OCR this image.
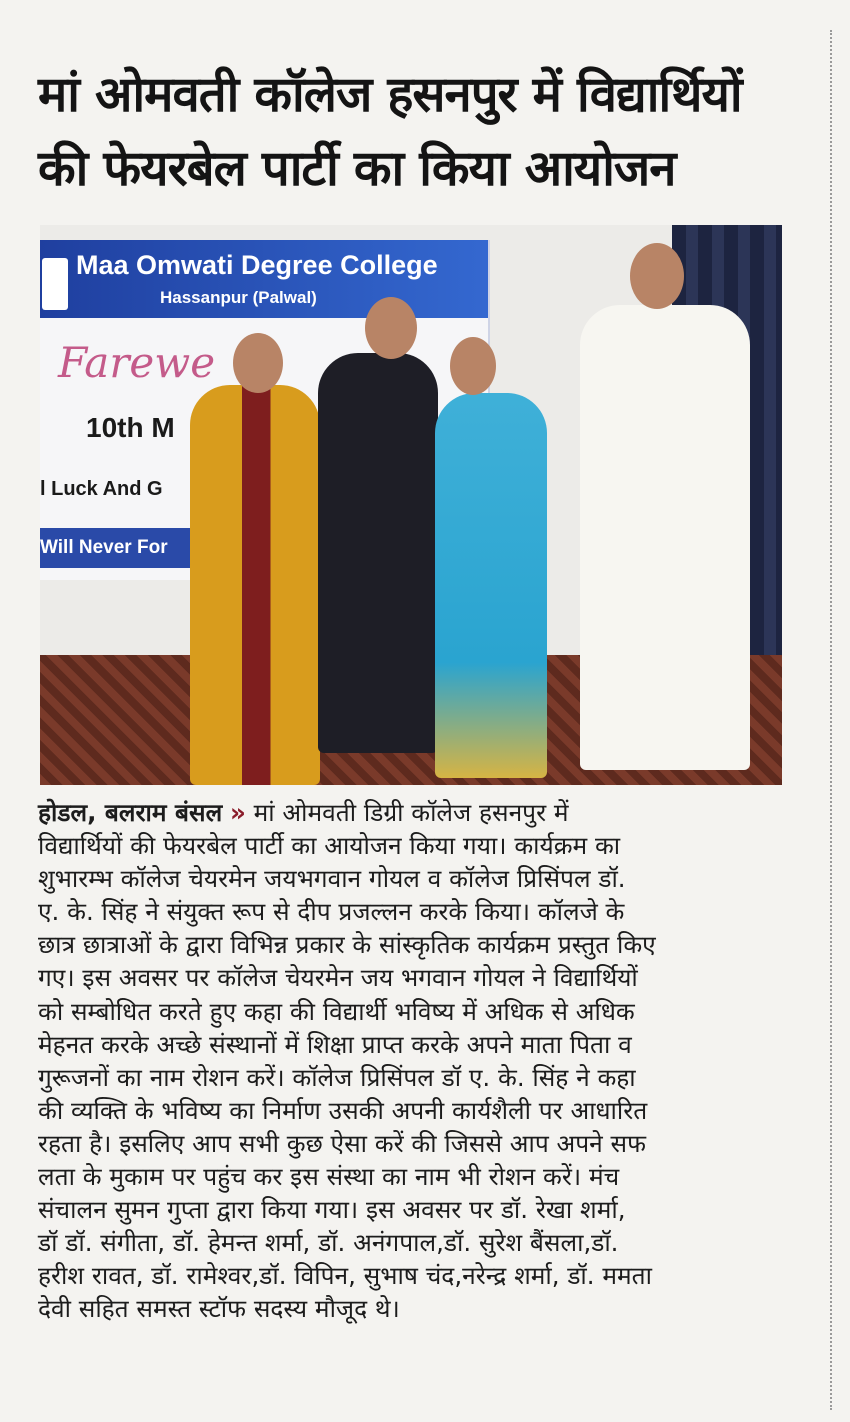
मां ओमवती कॉलेज हसनपुर में विद्यार्थियों
की फेयरबेल पार्टी का किया आयोजन
Maa Omwati Degree College
Hassanpur (Palwal)
Farewe
10th M
l Luck And G
Will Never For
होडल, बलराम बंसल » मां ओमवती डिग्री कॉलेज हसनपुर में
विद्यार्थियों की फेयरबेल पार्टी का आयोजन किया गया। कार्यक्रम का
शुभारम्भ कॉलेज चेयरमेन जयभगवान गोयल व कॉलेज प्रिसिंपल डॉ.
ए. के. सिंह ने संयुक्त रूप से दीप प्रजल्लन करके किया। कॉलजे के
छात्र छात्राओं के द्वारा विभिन्न प्रकार के सांस्कृतिक कार्यक्रम प्रस्तुत किए
गए। इस अवसर पर कॉलेज चेयरमेन जय भगवान गोयल ने विद्यार्थियों
को सम्बोधित करते हुए कहा की विद्यार्थी भविष्य में अधिक से अधिक
मेहनत करके अच्छे संस्थानों में शिक्षा प्राप्त करके अपने माता पिता व
गुरूजनों का नाम रोशन करें। कॉलेज प्रिसिंपल डॉ ए. के. सिंह ने कहा
की व्यक्ति के भविष्य का निर्माण उसकी अपनी कार्यशैली पर आधारित
रहता है। इसलिए आप सभी कुछ ऐसा करें की जिससे आप अपने सफ
लता के मुकाम पर पहुंच कर इस संस्था का नाम भी रोशन करें। मंच
संचालन सुमन गुप्ता द्वारा किया गया। इस अवसर पर डॉ. रेखा शर्मा,
डॉ डॉ. संगीता, डॉ. हेमन्त शर्मा, डॉ. अनंगपाल,डॉ. सुरेश बैंसला,डॉ.
हरीश रावत, डॉ. रामेश्वर,डॉ. विपिन, सुभाष चंद,नरेन्द्र शर्मा, डॉ. ममता
देवी सहित समस्त स्टॉफ सदस्य मौजूद थे।
